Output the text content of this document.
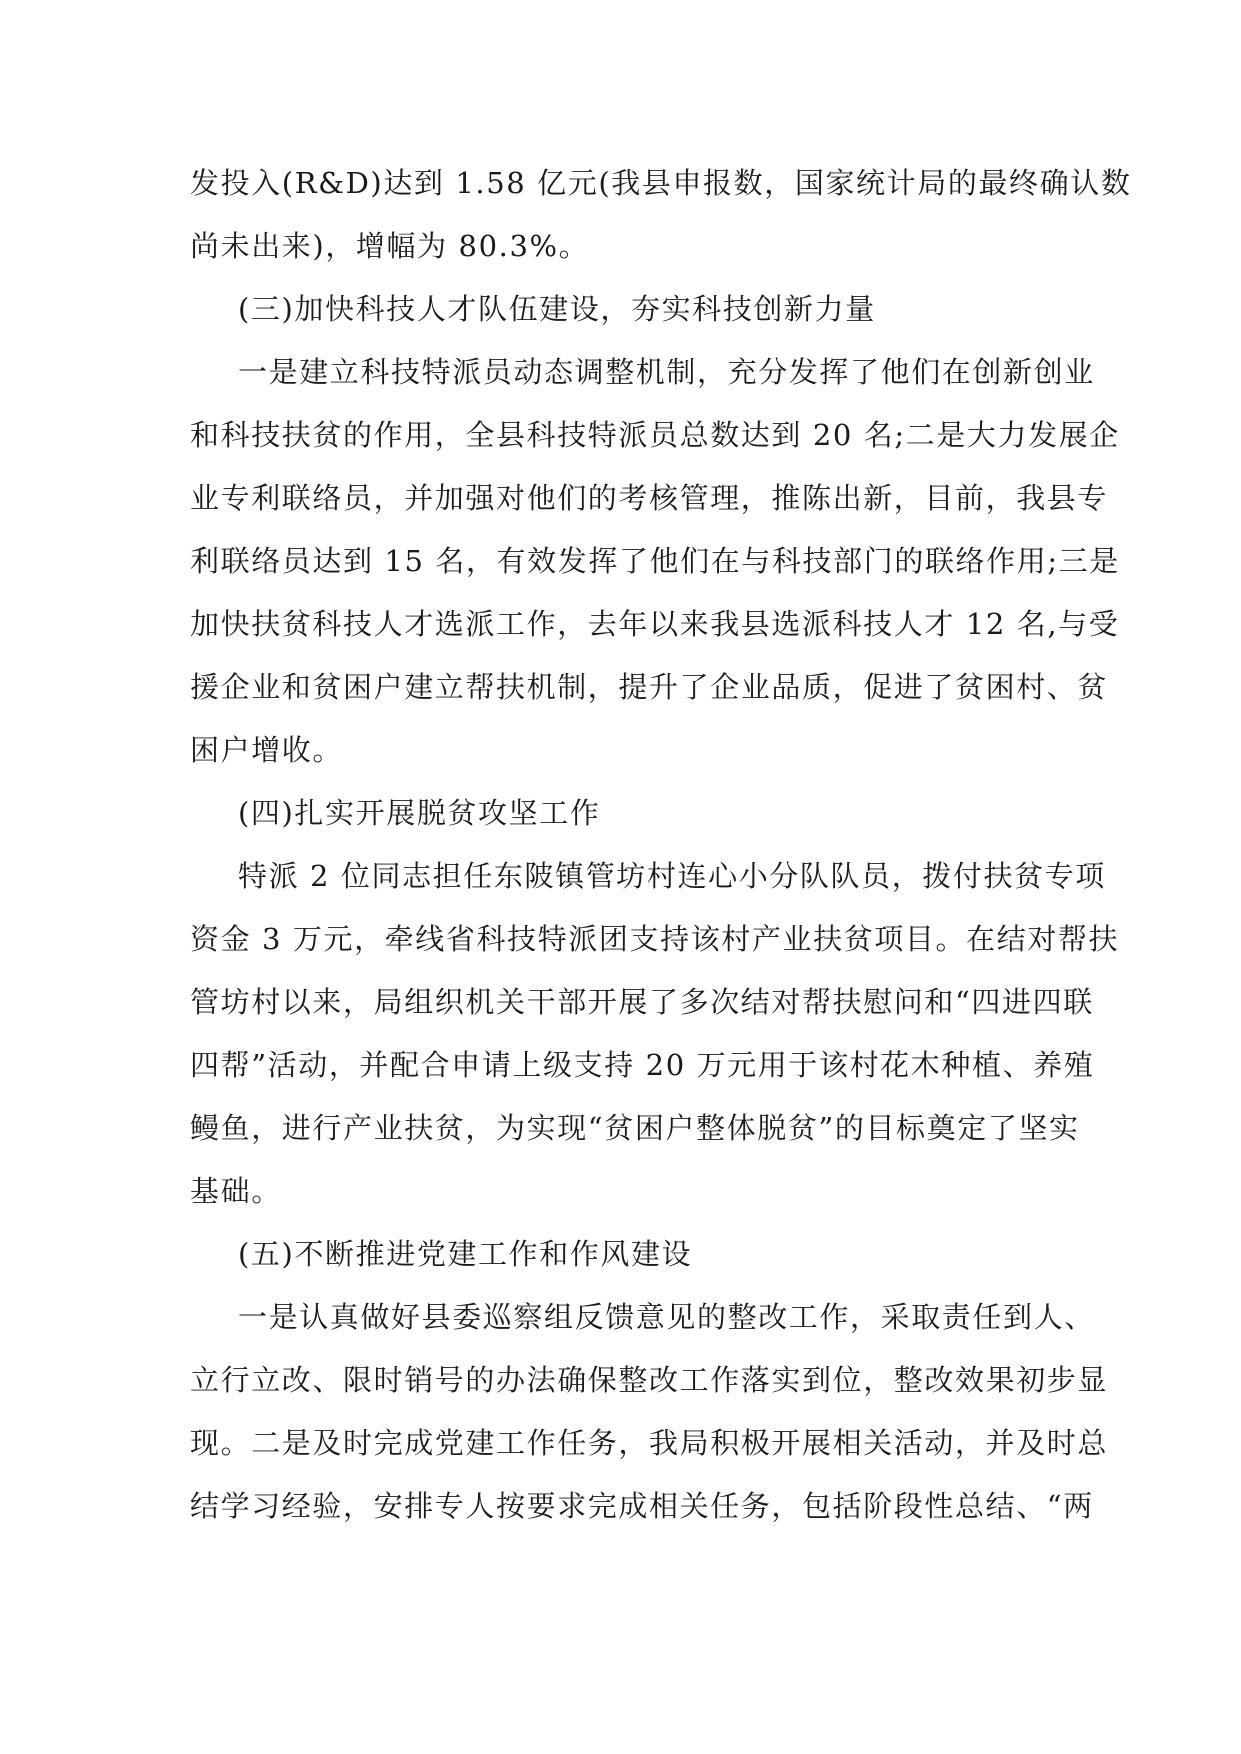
发投入(R&D)达到 1.58 亿元(我县申报数，国家统计局的最终确认数
尚未出来)，增幅为 80.3%。
(三)加快科技人才队伍建设，夯实科技创新力量
一是建立科技特派员动态调整机制，充分发挥了他们在创新创业
和科技扶贫的作用，全县科技特派员总数达到 20 名;二是大力发展企
业专利联络员，并加强对他们的考核管理，推陈出新，目前，我县专
利联络员达到 15 名，有效发挥了他们在与科技部门的联络作用;三是
加快扶贫科技人才选派工作，去年以来我县选派科技人才 12 名,与受
援企业和贫困户建立帮扶机制，提升了企业品质，促进了贫困村、贫
困户增收。
(四)扎实开展脱贫攻坚工作
特派 2 位同志担任东陂镇管坊村连心小分队队员，拨付扶贫专项
资金 3 万元，牵线省科技特派团支持该村产业扶贫项目。在结对帮扶
管坊村以来，局组织机关干部开展了多次结对帮扶慰问和“四进四联
四帮”活动，并配合申请上级支持 20 万元用于该村花木种植、养殖
鳗鱼，进行产业扶贫，为实现“贫困户整体脱贫”的目标奠定了坚实
基础。
(五)不断推进党建工作和作风建设
一是认真做好县委巡察组反馈意见的整改工作，采取责任到人、
立行立改、限时销号的办法确保整改工作落实到位，整改效果初步显
现。二是及时完成党建工作任务，我局积极开展相关活动，并及时总
结学习经验，安排专人按要求完成相关任务，包括阶段性总结、“两
